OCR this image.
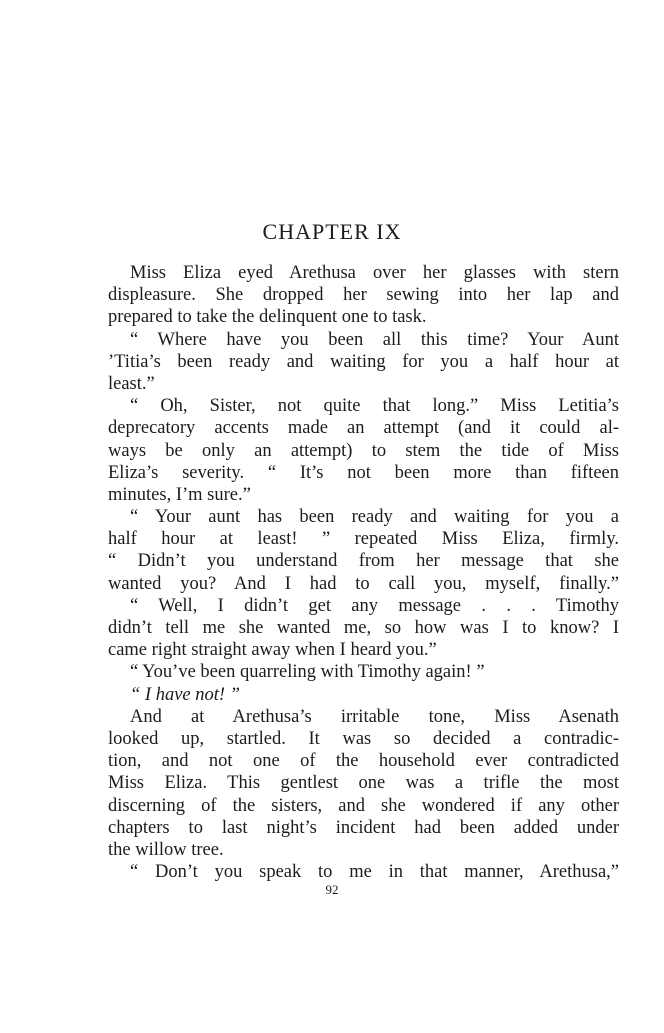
CHAPTER IX
Miss Eliza eyed Arethusa over her glasses with stern
displeasure. She dropped her sewing into her lap and
prepared to take the delinquent one to task.
“ Where have you been all this time? Your Aunt
’Titia’s been ready and waiting for you a half hour at
least.”
“ Oh, Sister, not quite that long.” Miss Letitia’s
deprecatory accents made an attempt (and it could al-
ways be only an attempt) to stem the tide of Miss
Eliza’s severity. “ It’s not been more than fifteen
minutes, I’m sure.”
“ Your aunt has been ready and waiting for you a
half hour at least! ” repeated Miss Eliza, firmly.
“ Didn’t you understand from her message that she
wanted you? And I had to call you, myself, finally.”
“ Well, I didn’t get any message . . . Timothy
didn’t tell me she wanted me, so how was I to know? I
came right straight away when I heard you.”
“ You’ve been quarreling with Timothy again! ”
“ I have not! ”
And at Arethusa’s irritable tone, Miss Asenath
looked up, startled. It was so decided a contradic-
tion, and not one of the household ever contradicted
Miss Eliza. This gentlest one was a trifle the most
discerning of the sisters, and she wondered if any other
chapters to last night’s incident had been added under
the willow tree.
“ Don’t you speak to me in that manner, Arethusa,”
92
